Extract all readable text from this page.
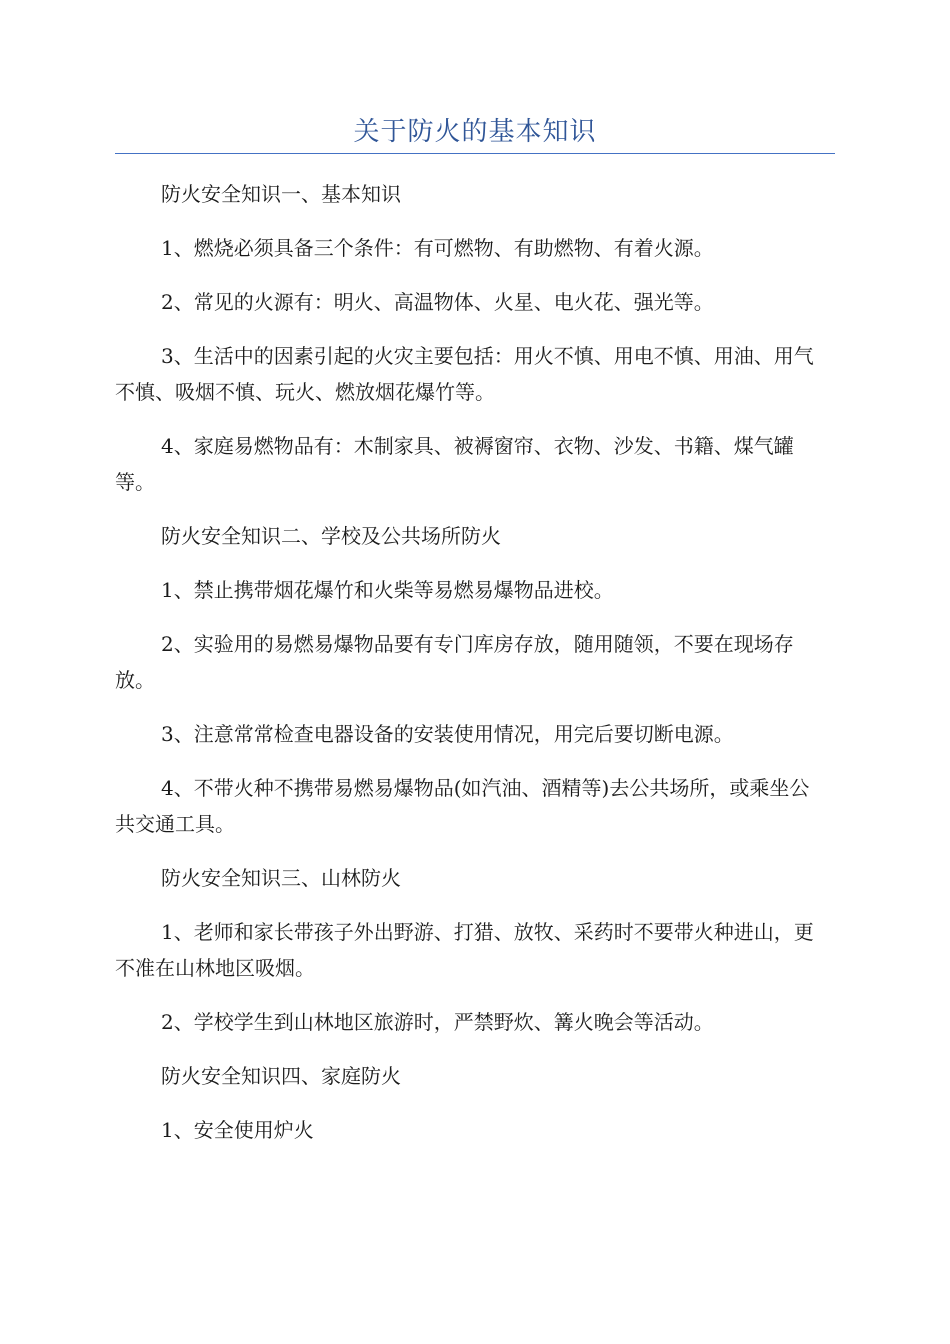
关于防火的基本知识

防火安全知识一、基本知识

1、燃烧必须具备三个条件：有可燃物、有助燃物、有着火源。

2、常见的火源有：明火、高温物体、火星、电火花、强光等。

3、生活中的因素引起的火灾主要包括：用火不慎、用电不慎、用油、用气不慎、吸烟不慎、玩火、燃放烟花爆竹等。

4、家庭易燃物品有：木制家具、被褥窗帘、衣物、沙发、书籍、煤气罐等。

防火安全知识二、学校及公共场所防火

1、禁止携带烟花爆竹和火柴等易燃易爆物品进校。

2、实验用的易燃易爆物品要有专门库房存放，随用随领，不要在现场存放。

3、注意常常检查电器设备的安装使用情况，用完后要切断电源。

4、不带火种不携带易燃易爆物品(如汽油、酒精等)去公共场所，或乘坐公共交通工具。

防火安全知识三、山林防火

1、老师和家长带孩子外出野游、打猎、放牧、采药时不要带火种进山，更不准在山林地区吸烟。

2、学校学生到山林地区旅游时，严禁野炊、篝火晚会等活动。

防火安全知识四、家庭防火

1、安全使用炉火
